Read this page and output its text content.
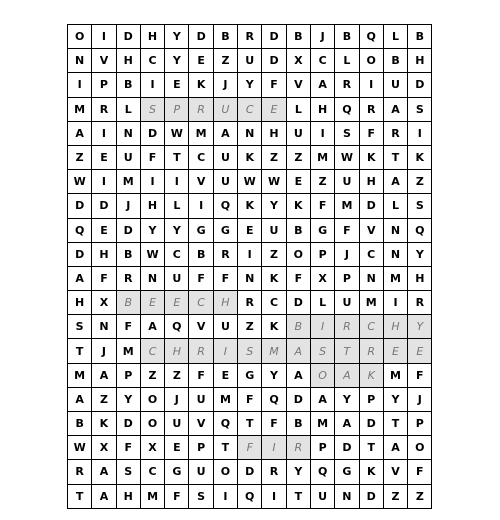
O	I	D	H	Y	D	B	R	D	B	J	B	Q	L	B
N	V	H	C	Y	E	Z	U	D	X	C	L	O	B	H
I	P	B	I	E	K	J	Y	F	V	A	R	I	U	D
M	R	L	S	P	R	U	C	E	L	H	Q	R	A	S
A	I	N	D	W	M	A	N	H	U	I	S	F	R	I
Z	E	U	F	T	C	U	K	Z	Z	M	W	K	T	K
W	I	M	I	I	V	U	W	W	E	Z	U	H	A	Z
D	D	J	H	L	I	Q	K	Y	K	F	M	D	L	S
Q	E	D	Y	Y	G	G	E	U	B	G	F	V	N	Q
D	H	B	W	C	B	R	I	Z	O	P	J	C	N	Y
A	F	R	N	U	F	F	N	K	F	X	P	N	M	H
H	X	B	E	E	C	H	R	C	D	L	U	M	I	R
S	N	F	A	Q	V	U	Z	K	B	I	R	C	H	Y
T	J	M	C	H	R	I	S	M	A	S	T	R	E	E
M	A	P	Z	Z	F	E	G	Y	A	O	A	K	M	F
A	Z	Y	O	J	U	M	F	Q	D	A	Y	P	Y	J
B	K	D	O	U	V	Q	T	F	B	M	A	D	T	P
W	X	F	X	E	P	T	F	I	R	P	D	T	A	O
R	A	S	C	G	U	O	D	R	Y	Q	G	K	V	F
T	A	H	M	F	S	I	Q	I	T	U	N	D	Z	Z
